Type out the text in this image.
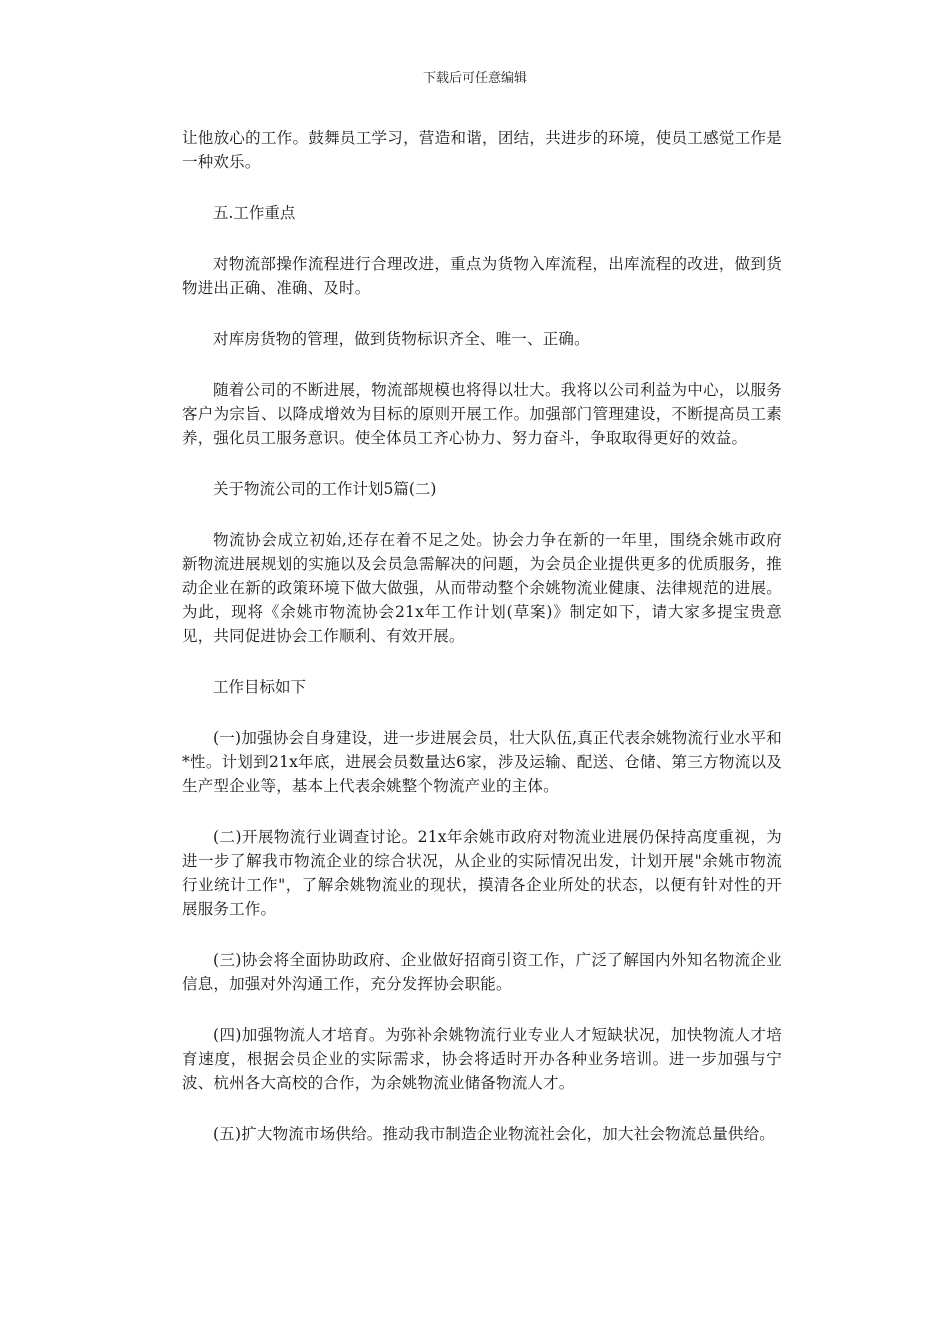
下载后可任意编辑

让他放心的工作。鼓舞员工学习，营造和谐，团结，共进步的环境，使员工感觉工作是一种欢乐。

五.工作重点

对物流部操作流程进行合理改进，重点为货物入库流程，出库流程的改进，做到货物进出正确、准确、及时。

对库房货物的管理，做到货物标识齐全、唯一、正确。

随着公司的不断进展，物流部规模也将得以壮大。我将以公司利益为中心，以服务客户为宗旨、以降成增效为目标的原则开展工作。加强部门管理建设，不断提高员工素养，强化员工服务意识。使全体员工齐心协力、努力奋斗，争取取得更好的效益。

关于物流公司的工作计划5篇(二)

物流协会成立初始,还存在着不足之处。协会力争在新的一年里，围绕余姚市政府新物流进展规划的实施以及会员急需解决的问题，为会员企业提供更多的优质服务，推动企业在新的政策环境下做大做强，从而带动整个余姚物流业健康、法律规范的进展。为此，现将《余姚市物流协会21x年工作计划(草案)》制定如下，请大家多提宝贵意见，共同促进协会工作顺利、有效开展。

工作目标如下

(一)加强协会自身建设，进一步进展会员，壮大队伍,真正代表余姚物流行业水平和*性。计划到21x年底，进展会员数量达6家，涉及运输、配送、仓储、第三方物流以及生产型企业等，基本上代表余姚整个物流产业的主体。

(二)开展物流行业调查讨论。21x年余姚市政府对物流业进展仍保持高度重视，为进一步了解我市物流企业的综合状况，从企业的实际情况出发，计划开展"余姚市物流行业统计工作"，了解余姚物流业的现状，摸清各企业所处的状态，以便有针对性的开展服务工作。

(三)协会将全面协助政府、企业做好招商引资工作，广泛了解国内外知名物流企业信息，加强对外沟通工作，充分发挥协会职能。

(四)加强物流人才培育。为弥补余姚物流行业专业人才短缺状况，加快物流人才培育速度，根据会员企业的实际需求，协会将适时开办各种业务培训。进一步加强与宁波、杭州各大高校的合作，为余姚物流业储备物流人才。

(五)扩大物流市场供给。推动我市制造企业物流社会化，加大社会物流总量供给。
